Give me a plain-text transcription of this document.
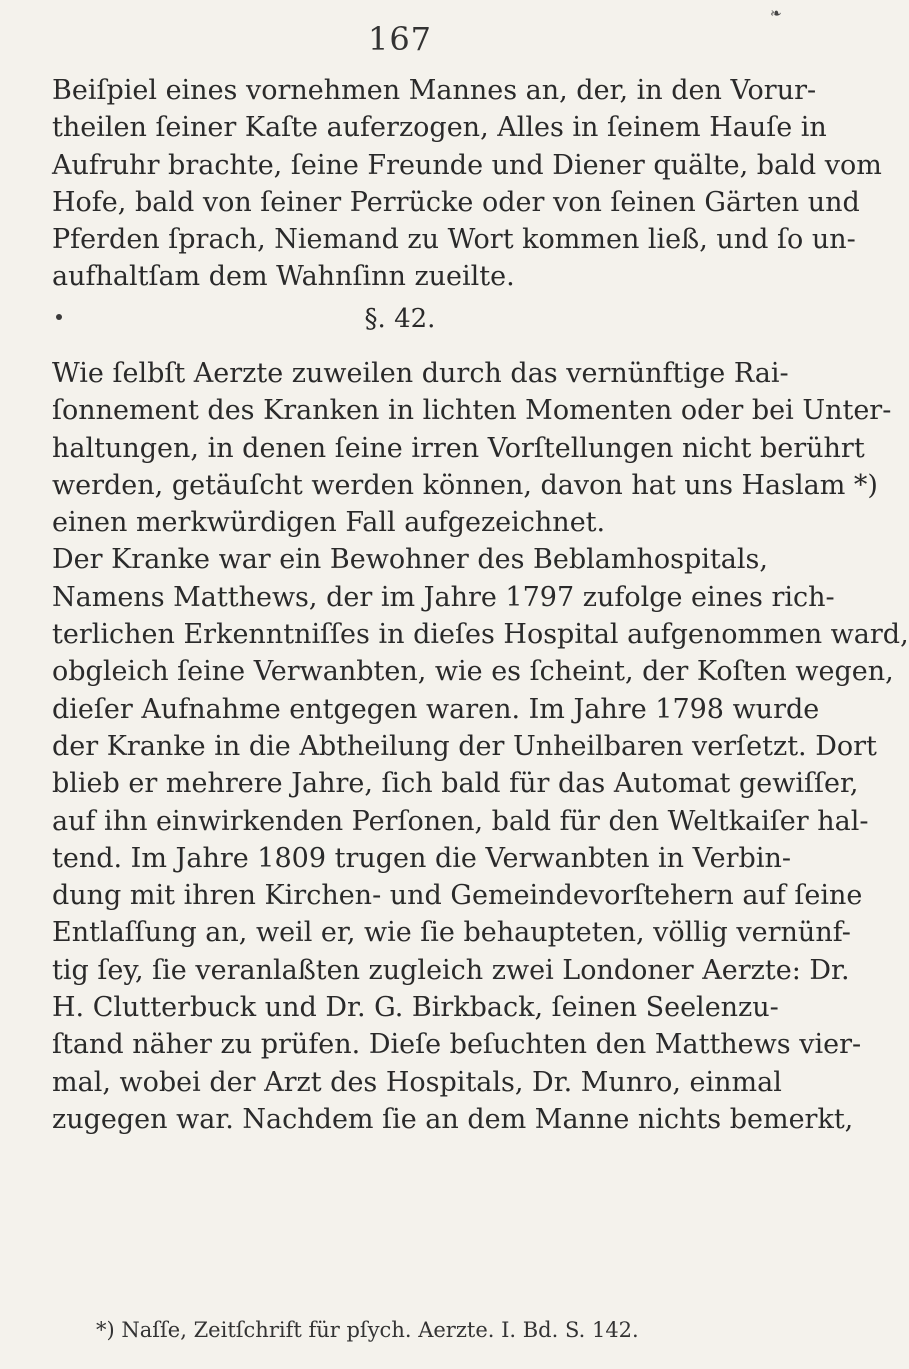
❧
167
Beiſpiel eines vornehmen Mannes an, der, in den Vorur-
theilen ſeiner Kaſte auferzogen, Alles in ſeinem Hauſe in
Aufruhr brachte, ſeine Freunde und Diener quälte, bald vom
Hofe, bald von ſeiner Perrücke oder von ſeinen Gärten und
Pferden ſprach, Niemand zu Wort kommen ließ, und ſo un-
aufhaltſam dem Wahnſinn zueilte.
§. 42.
Wie ſelbſt Aerzte zuweilen durch das vernünftige Rai-
ſonnement des Kranken in lichten Momenten oder bei Unter-
haltungen, in denen ſeine irren Vorſtellungen nicht berührt
werden, getäuſcht werden können, davon hat uns Haslam *)
einen merkwürdigen Fall aufgezeichnet.
Der Kranke war ein Bewohner des Beblamhospitals,
Namens Matthews, der im Jahre 1797 zufolge eines rich-
terlichen Erkenntniſſes in dieſes Hospital aufgenommen ward,
obgleich ſeine Verwanbten, wie es ſcheint, der Koſten wegen,
dieſer Aufnahme entgegen waren. Im Jahre 1798 wurde
der Kranke in die Abtheilung der Unheilbaren verſetzt. Dort
blieb er mehrere Jahre, ſich bald für das Automat gewiſſer,
auf ihn einwirkenden Perſonen, bald für den Weltkaiſer hal-
tend. Im Jahre 1809 trugen die Verwanbten in Verbin-
dung mit ihren Kirchen- und Gemeindevorſtehern auf ſeine
Entlaſſung an, weil er, wie ſie behaupteten, völlig vernünf-
tig ſey, ſie veranlaßten zugleich zwei Londoner Aerzte: Dr.
H. Clutterbuck und Dr. G. Birkback, ſeinen Seelenzu-
ſtand näher zu prüfen. Dieſe beſuchten den Matthews vier-
mal, wobei der Arzt des Hospitals, Dr. Munro, einmal
zugegen war. Nachdem ſie an dem Manne nichts bemerkt,
*) Naſſe, Zeitſchrift für pſych. Aerzte. I. Bd. S. 142.
